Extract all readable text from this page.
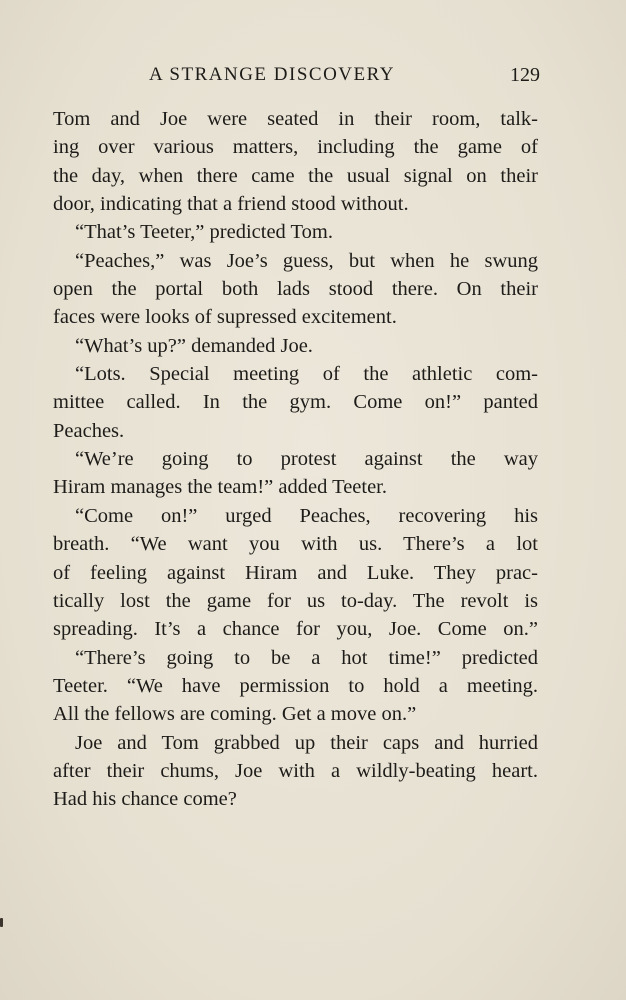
A STRANGE DISCOVERY	129
Tom and Joe were seated in their room, talk-
ing over various matters, including the game of
the day, when there came the usual signal on their
door, indicating that a friend stood without.
“That’s Teeter,” predicted Tom.
“Peaches,” was Joe’s guess, but when he swung
open the portal both lads stood there. On their
faces were looks of supressed excitement.
“What’s up?” demanded Joe.
“Lots. Special meeting of the athletic com-
mittee called. In the gym. Come on!” panted
Peaches.
“We’re going to protest against the way
Hiram manages the team!” added Teeter.
“Come on!” urged Peaches, recovering his
breath. “We want you with us. There’s a lot
of feeling against Hiram and Luke. They prac-
tically lost the game for us to-day. The revolt is
spreading. It’s a chance for you, Joe. Come on.”
“There’s going to be a hot time!” predicted
Teeter. “We have permission to hold a meeting.
All the fellows are coming. Get a move on.”
Joe and Tom grabbed up their caps and hurried
after their chums, Joe with a wildly-beating heart.
Had his chance come?
